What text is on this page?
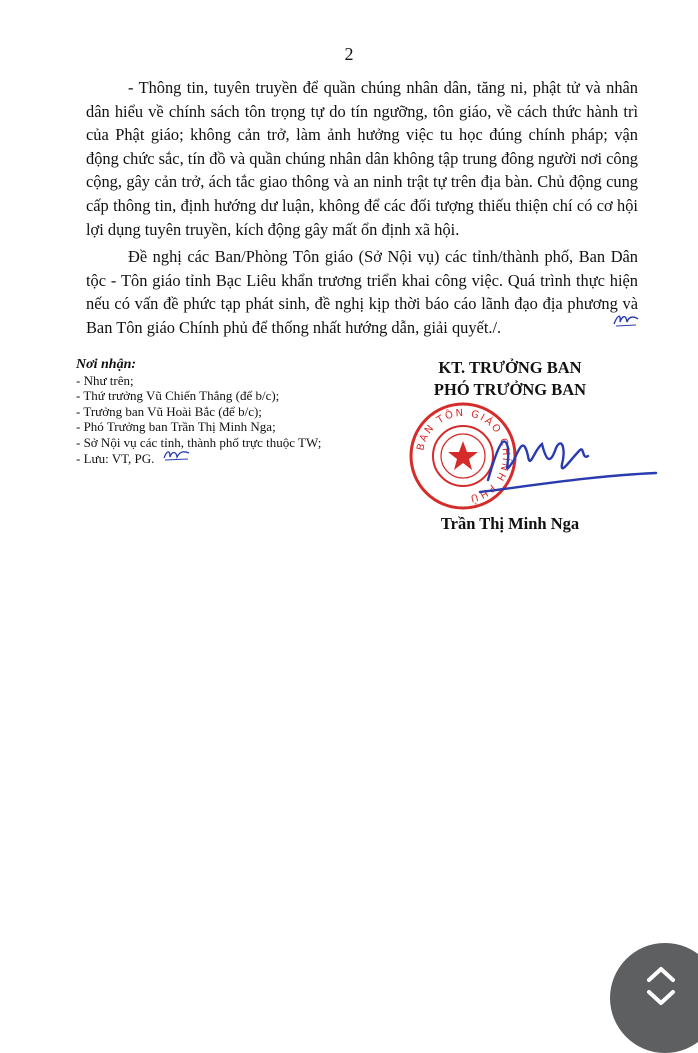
2

- Thông tin, tuyên truyền để quần chúng nhân dân, tăng ni, phật tử và nhân dân hiểu về chính sách tôn trọng tự do tín ngưỡng, tôn giáo, về cách thức hành trì của Phật giáo; không cản trở, làm ảnh hưởng việc tu học đúng chính pháp; vận động chức sắc, tín đồ và quần chúng nhân dân không tập trung đông người nơi công cộng, gây cản trở, ách tắc giao thông và an ninh trật tự trên địa bàn. Chủ động cung cấp thông tin, định hướng dư luận, không để các đối tượng thiếu thiện chí có cơ hội lợi dụng tuyên truyền, kích động gây mất ổn định xã hội.

Đề nghị các Ban/Phòng Tôn giáo (Sở Nội vụ) các tỉnh/thành phố, Ban Dân tộc - Tôn giáo tỉnh Bạc Liêu khẩn trương triển khai công việc. Quá trình thực hiện nếu có vấn đề phức tạp phát sinh, đề nghị kịp thời báo cáo lãnh đạo địa phương và Ban Tôn giáo Chính phủ để thống nhất hướng dẫn, giải quyết./.

Nơi nhận:
- Như trên;
- Thứ trưởng Vũ Chiến Thắng (để b/c);
- Trưởng ban Vũ Hoài Bắc (để b/c);
- Phó Trưởng ban Trần Thị Minh Nga;
- Sở Nội vụ các tỉnh, thành phố trực thuộc TW;
- Lưu: VT, PG.
KT. TRƯỞNG BAN
PHÓ TRƯỞNG BAN
BAN TÔN GIÁO CHÍNH PHỦ
Trần Thị Minh Nga
